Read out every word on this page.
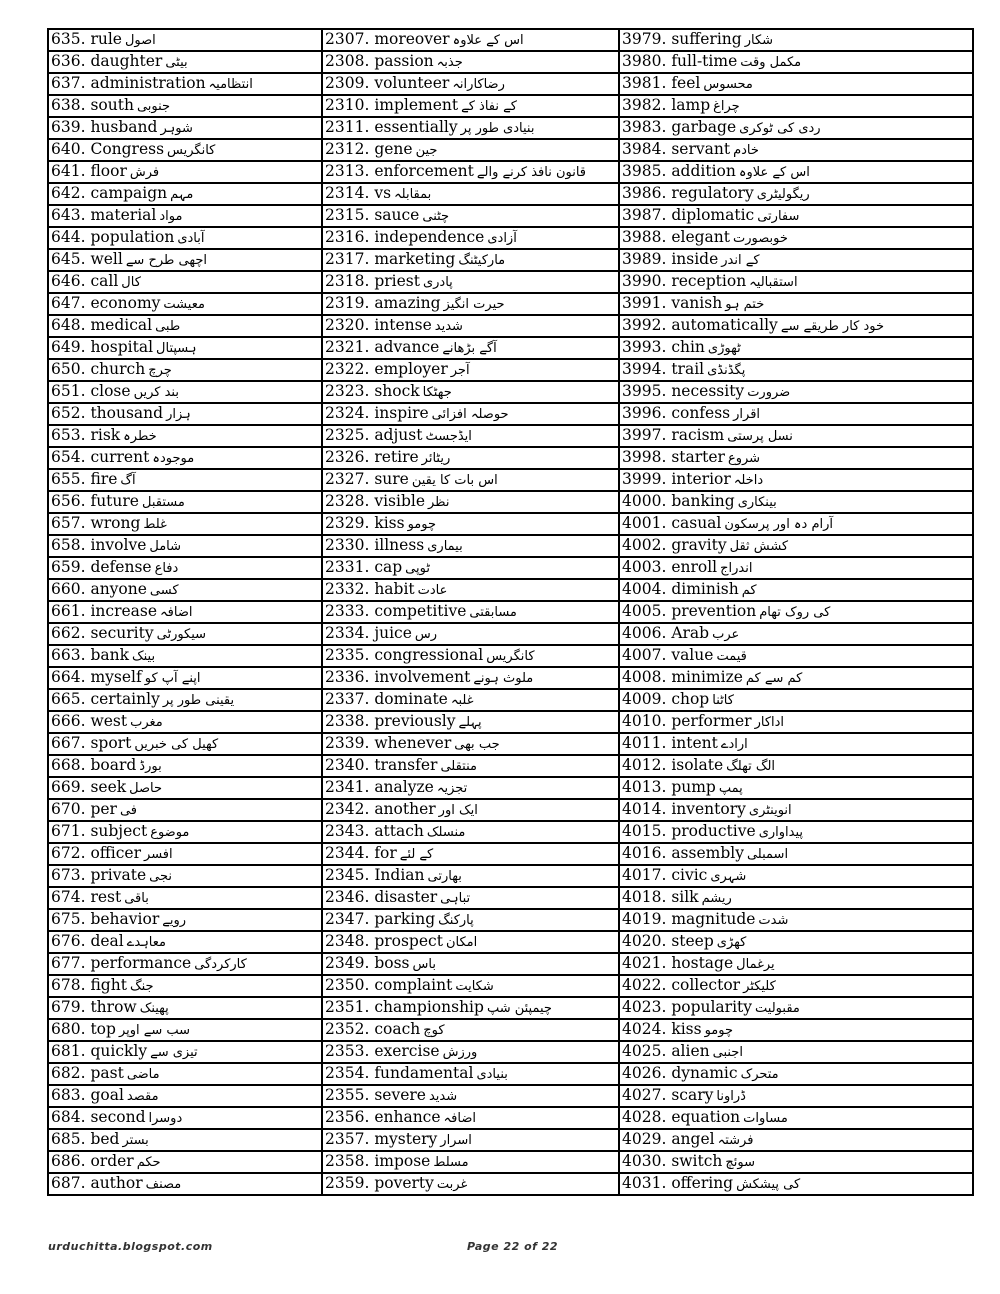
635. rule اصول	2307. moreover اس کے علاوہ	3979. suffering شکار
636. daughter بیٹی	2308. passion جذبہ	3980. full-time مکمل وقت
637. administration انتظامیہ	2309. volunteer رضاکارانہ	3981. feel محسوس
638. south جنوبی	2310. implement کے نفاذ کے	3982. lamp چراغ
639. husband شوہر	2311. essentially بنیادی طور پر	3983. garbage ردی کی ٹوکری
640. Congress کانگریس	2312. gene جین	3984. servant خادم
641. floor فرش	2313. enforcement قانون نافذ کرنے والے	3985. addition اس کے علاوہ
642. campaign مہم	2314. vs بمقابلہ	3986. regulatory ریگولیٹری
643. material مواد	2315. sauce چٹنی	3987. diplomatic سفارتی
644. population آبادی	2316. independence آزادی	3988. elegant خوبصورت
645. well اچھی طرح سے	2317. marketing مارکیٹنگ	3989. inside کے اندر
646. call کال	2318. priest پادری	3990. reception استقبالیہ
647. economy معیشت	2319. amazing حیرت انگیز	3991. vanish ختم ہو
648. medical طبی	2320. intense شدید	3992. automatically خود کار طریقے سے
649. hospital ہسپتال	2321. advance آگے بڑھانے	3993. chin ٹھوڑی
650. church چرچ	2322. employer آجر	3994. trail پگڈنڈی
651. close بند کریں	2323. shock جھٹکا	3995. necessity ضرورت
652. thousand ہزار	2324. inspire حوصلہ افزائی	3996. confess اقرار
653. risk خطرہ	2325. adjust ایڈجسٹ	3997. racism نسل پرستی
654. current موجودہ	2326. retire ریٹائر	3998. starter شروع
655. fire آگ	2327. sure اس بات کا یقین	3999. interior داخلہ
656. future مستقبل	2328. visible نظر	4000. banking بینکاری
657. wrong غلط	2329. kiss چومو	4001. casual آرام دہ اور پرسکون
658. involve شامل	2330. illness بیماری	4002. gravity کشش ثقل
659. defense دفاع	2331. cap ٹوپی	4003. enroll اندراج
660. anyone کسی	2332. habit عادت	4004. diminish کم
661. increase اضافہ	2333. competitive مسابقتی	4005. prevention کی روک تھام
662. security سیکورٹی	2334. juice رس	4006. Arab عرب
663. bank بینک	2335. congressional کانگریس	4007. value قیمت
664. myself اپنے آپ کو	2336. involvement ملوث ہونے	4008. minimize کم سے کم
665. certainly یقینی طور پر	2337. dominate غلبہ	4009. chop کاٹنا
666. west مغرب	2338. previously پہلے	4010. performer اداکار
667. sport کھیل کی خبریں	2339. whenever جب بھی	4011. intent ارادے
668. board بورڈ	2340. transfer منتقلی	4012. isolate الگ تھلگ
669. seek حاصل	2341. analyze تجزیہ	4013. pump پمپ
670. per فی	2342. another ایک اور	4014. inventory انوینٹری
671. subject موضوع	2343. attach منسلک	4015. productive پیداواری
672. officer افسر	2344. for کے لئے	4016. assembly اسمبلی
673. private نجی	2345. Indian بھارتی	4017. civic شہری
674. rest باقی	2346. disaster تباہی	4018. silk ریشم
675. behavior رویے	2347. parking پارکنگ	4019. magnitude شدت
676. deal معاہدے	2348. prospect امکان	4020. steep کھڑی
677. performance کارکردگی	2349. boss باس	4021. hostage یرغمال
678. fight جنگ	2350. complaint شکایت	4022. collector کلیکٹر
679. throw پھینک	2351. championship چیمپئن شپ	4023. popularity مقبولیت
680. top سب سے اوپر	2352. coach کوچ	4024. kiss چومو
681. quickly تیزی سے	2353. exercise ورزش	4025. alien اجنبی
682. past ماضی	2354. fundamental بنیادی	4026. dynamic متحرک
683. goal مقصد	2355. severe شدید	4027. scary ڈراونا
684. second دوسرا	2356. enhance اضافہ	4028. equation مساوات
685. bed بستر	2357. mystery اسرار	4029. angel فرشتہ
686. order حکم	2358. impose مسلط	4030. switch سوئچ
687. author مصنف	2359. poverty غربت	4031. offering کی پیشکش
urduchitta.blogspot.com	Page 22 of 22
